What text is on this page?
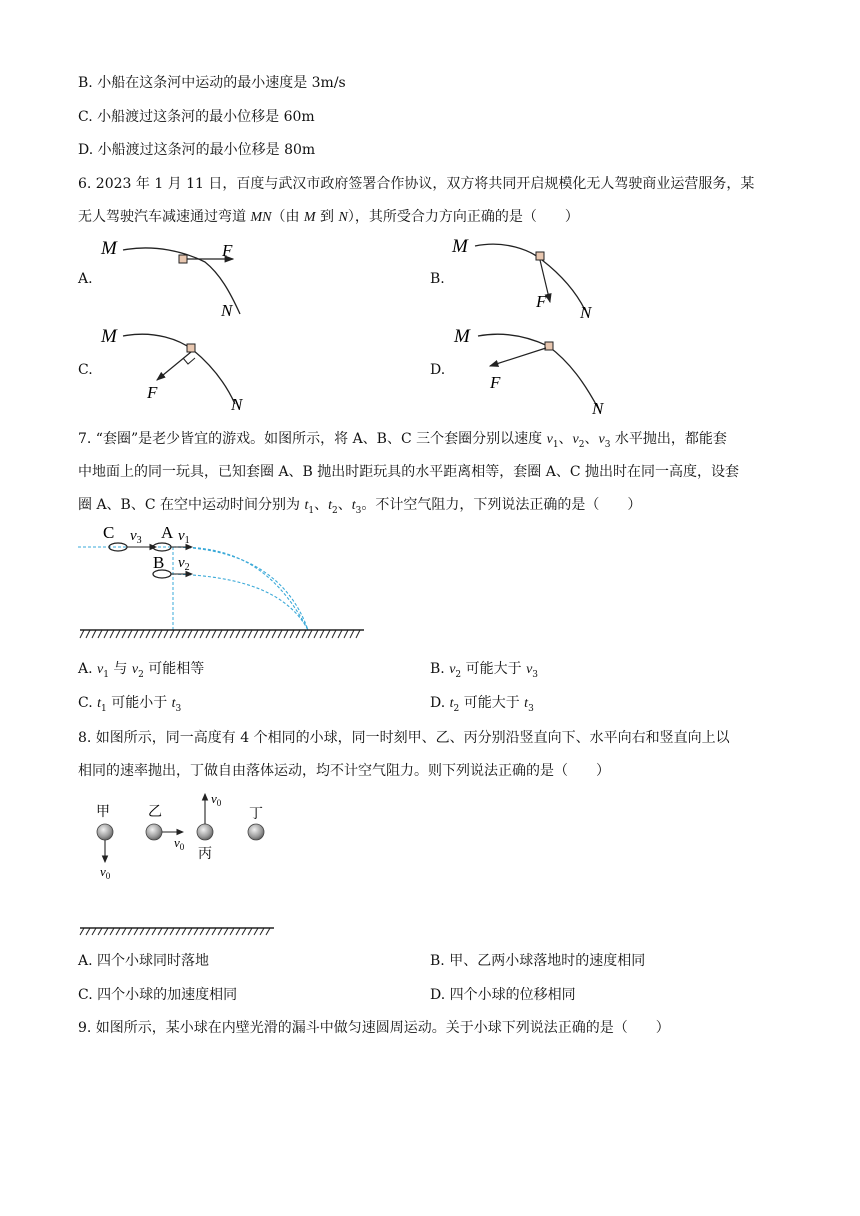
B. 小船在这条河中运动的最小速度是 3m/s
C. 小船渡过这条河的最小位移是 60m
D. 小船渡过这条河的最小位移是 80m
6. 2023 年 1 月 11 日，百度与武汉市政府签署合作协议，双方将共同开启规模化无人驾驶商业运营服务，某
无人驾驶汽车减速通过弯道 MN（由 M 到 N），其所受合力方向正确的是（　　）
A.
M	F
N
B.
M
F
N
C.
M
F
N
D.
M
F
N
7. “套圈”是老少皆宜的游戏。如图所示，将 A、B、C 三个套圈分别以速度 $v_1$、$v_2$、$v_3$ 水平抛出，都能套
中地面上的同一玩具，已知套圈 A、B 抛出时距玩具的水平距离相等，套圈 A、C 抛出时在同一高度，设套
圈 A、B、C 在空中运动时间分别为 $t_1$、$t_2$、$t_3$。不计空气阻力，下列说法正确的是（　　）
C $v_3$ A $v_1$
B $v_2$
A. $v_1$ 与 $v_2$ 可能相等	B. $v_2$ 可能大于 $v_3$
C. $t_1$ 可能小于 $t_3$	D. $t_2$ 可能大于 $t_3$
8. 如图所示，同一高度有 4 个相同的小球，同一时刻甲、乙、丙分别沿竖直向下、水平向右和竖直向上以
相同的速率抛出，丁做自由落体运动，均不计空气阻力。则下列说法正确的是（　　）
甲	乙
丙
丁
$v_0$
$v_0$
$v_0$
A. 四个小球同时落地	B. 甲、乙两小球落地时的速度相同
C. 四个小球的加速度相同	D. 四个小球的位移相同
9. 如图所示，某小球在内壁光滑的漏斗中做匀速圆周运动。关于小球下列说法正确的是（　　）
